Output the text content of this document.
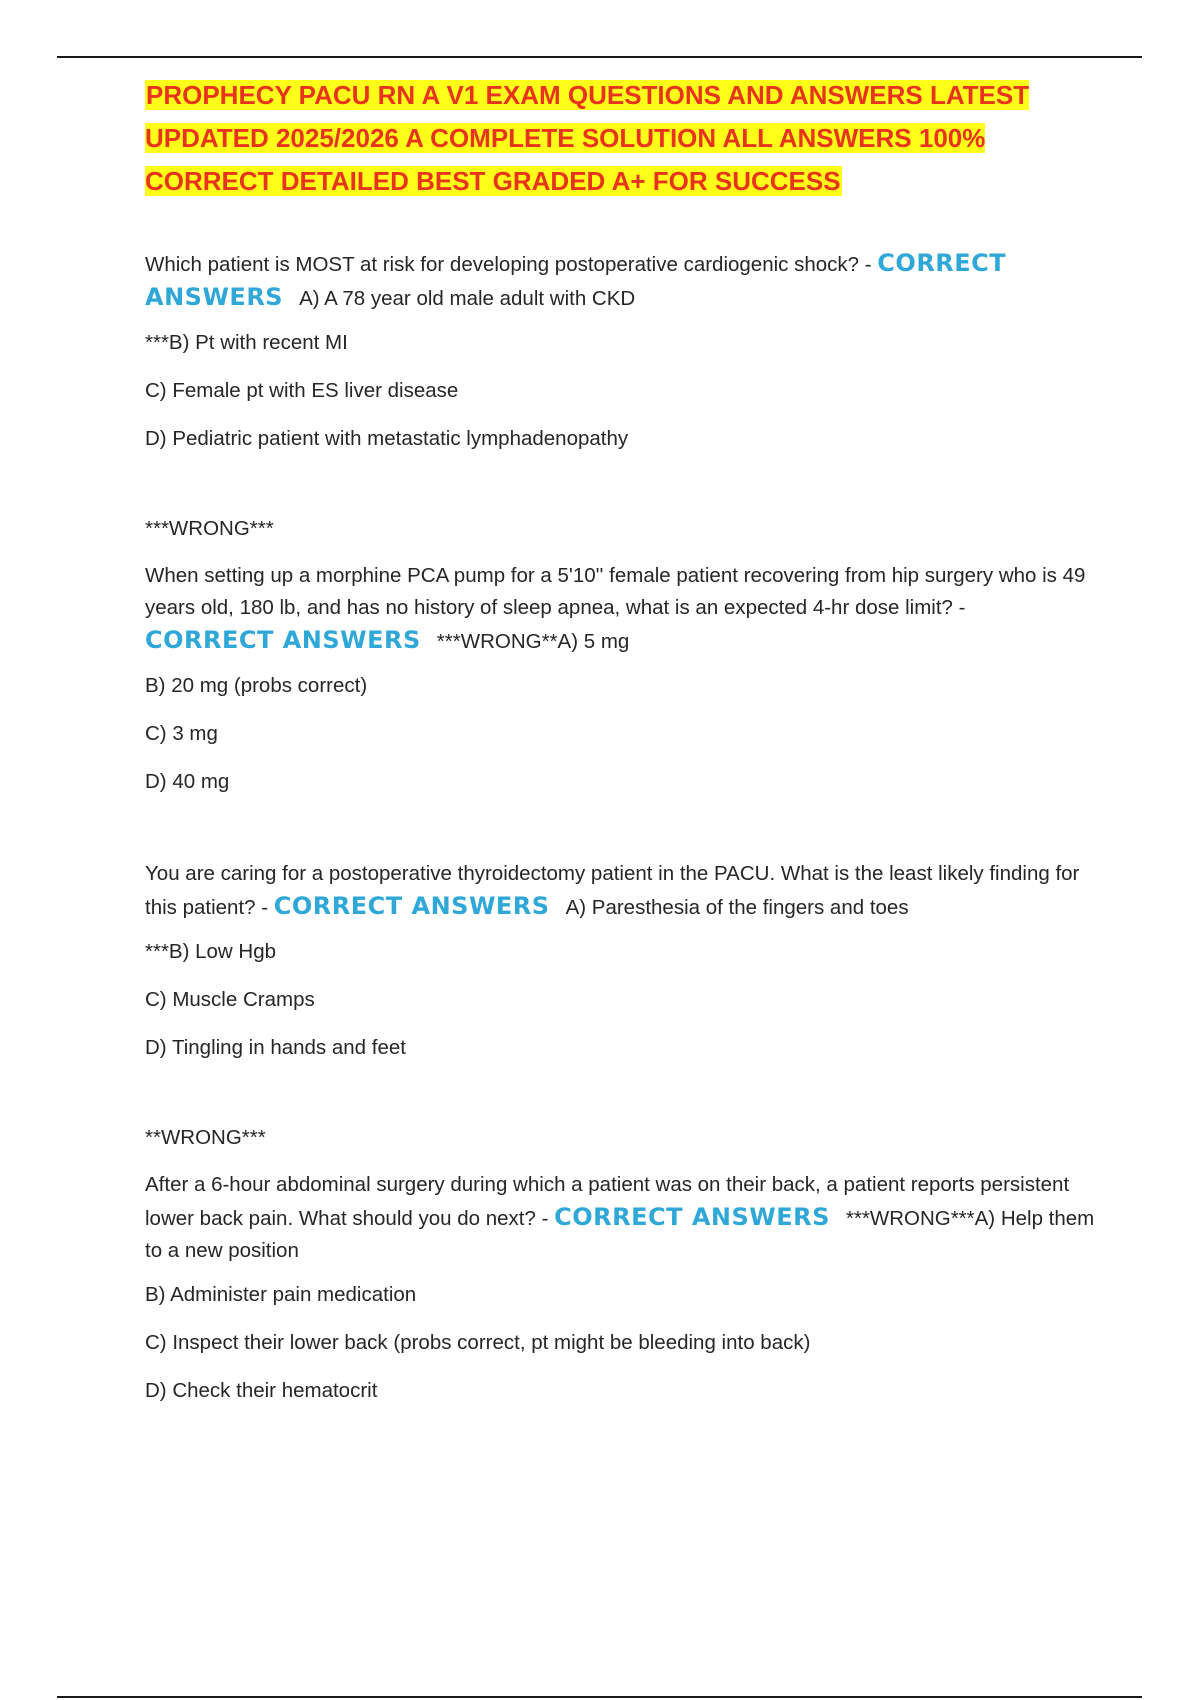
PROPHECY PACU RN A V1 EXAM QUESTIONS AND ANSWERS LATEST UPDATED 2025/2026 A COMPLETE SOLUTION ALL ANSWERS 100% CORRECT DETAILED BEST GRADED A+ FOR SUCCESS

Which patient is MOST at risk for developing postoperative cardiogenic shock? - CORRECT ANSWERS A) A 78 year old male adult with CKD

***B) Pt with recent MI

C) Female pt with ES liver disease

D) Pediatric patient with metastatic lymphadenopathy

***WRONG***

When setting up a morphine PCA pump for a 5'10'' female patient recovering from hip surgery who is 49 years old, 180 lb, and has no history of sleep apnea, what is an expected 4-hr dose limit? - CORRECT ANSWERS ***WRONG**A) 5 mg

B) 20 mg (probs correct)

C) 3 mg

D) 40 mg

You are caring for a postoperative thyroidectomy patient in the PACU. What is the least likely finding for this patient? - CORRECT ANSWERS A) Paresthesia of the fingers and toes

***B) Low Hgb

C) Muscle Cramps

D) Tingling in hands and feet

**WRONG***

After a 6-hour abdominal surgery during which a patient was on their back, a patient reports persistent lower back pain. What should you do next? - CORRECT ANSWERS ***WRONG***A) Help them to a new position

B) Administer pain medication

C) Inspect their lower back (probs correct, pt might be bleeding into back)

D) Check their hematocrit
